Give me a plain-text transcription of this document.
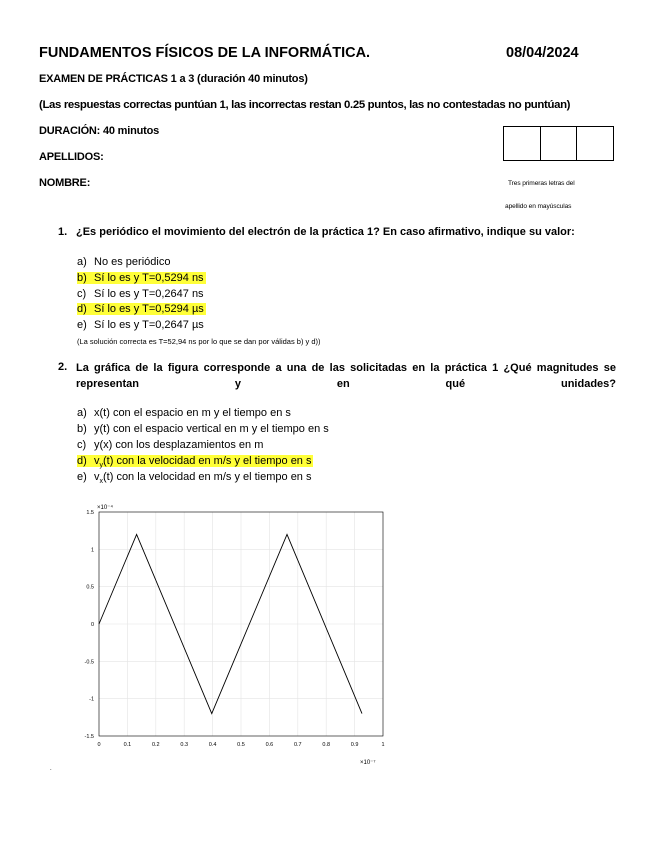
FUNDAMENTOS FÍSICOS DE LA INFORMÁTICA.	08/04/2024
EXAMEN DE PRÁCTICAS 1 a 3 (duración 40 minutos)
(Las respuestas correctas puntúan 1, las incorrectas restan 0.25 puntos, las no contestadas no puntúan)
DURACIÓN: 40 minutos
APELLIDOS:
NOMBRE:	Tres primeras letras del
apellido en mayúsculas
1. ¿Es periódico el movimiento del electrón de la práctica 1? En caso afirmativo, indique su valor:
a) No es periódico
b) Sí lo es y T=0,5294 ns
c) Sí lo es y T=0,2647 ns
d) Sí lo es y T=0,5294 µs
e) Sí lo es y T=0,2647 µs
(La solución correcta es T=52,94 ns por lo que se dan por válidas b) y d))
2. La gráfica de la figura corresponde a una de las solicitadas en la práctica 1 ¿Qué magnitudes se representan y en qué unidades?
a) x(t) con el espacio en m y el tiempo en s
b) y(t) con el espacio vertical en m y el tiempo en s
c) y(x) con los desplazamientos en m
d) $v_y(t)$ con la velocidad en m/s y el tiempo en s
e) $v_x(t)$ con la velocidad en m/s y el tiempo en s
0	0.1	0.2	0.3	0.4	0.5	0.6	0.7	0.8	0.9	1
1.5
1
0.5
0
-0.5
-1
-1.5
×10⁻⁴
×10⁻⁷
.
